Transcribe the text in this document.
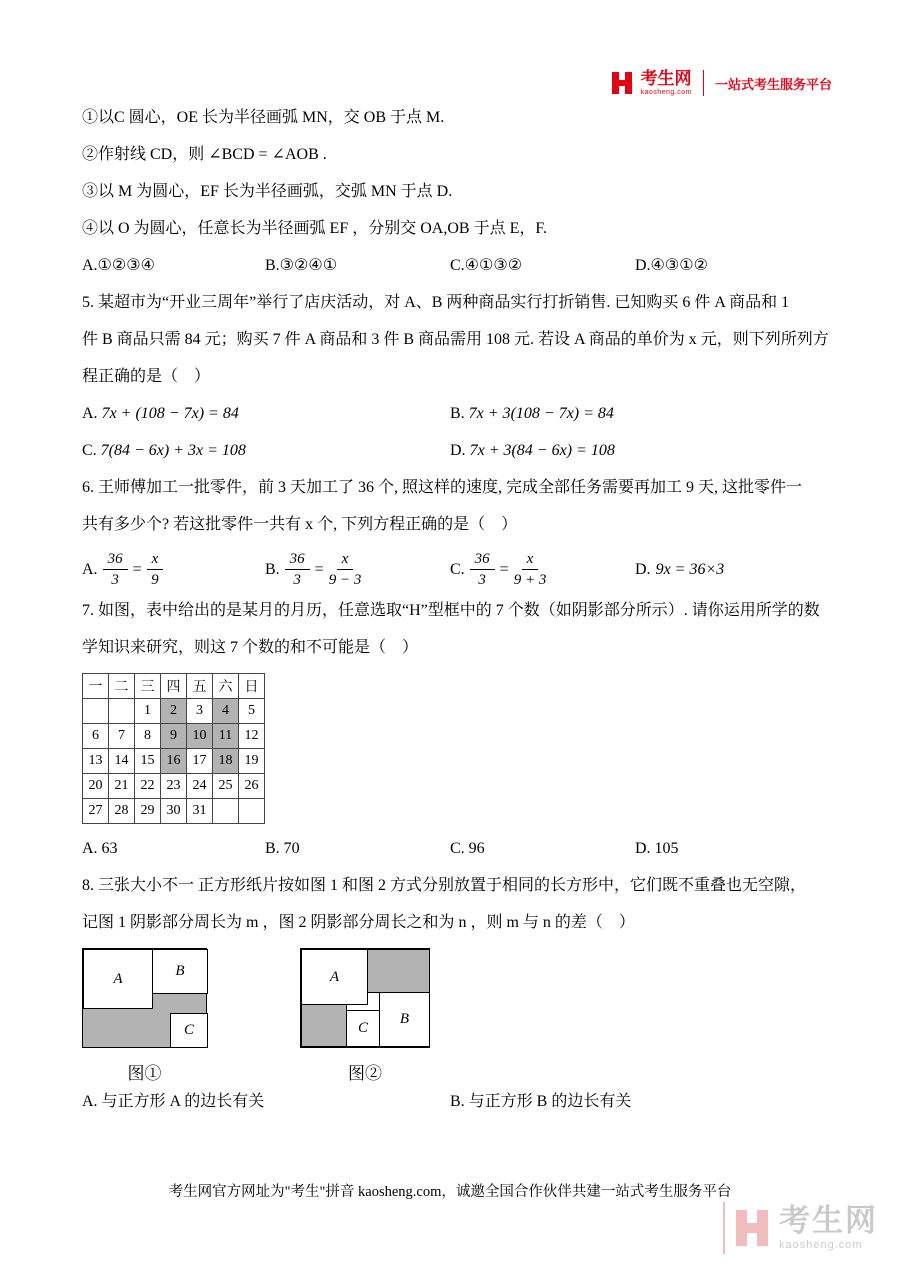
考生网
kaosheng.com
一站式考生服务平台
①以C 圆心，OE 长为半径画弧 MN，交 OB 于点 M.
②作射线 CD，则 ∠BCD = ∠AOB .
③以 M 为圆心，EF 长为半径画弧，交弧 MN 于点 D.
④以 O 为圆心，任意长为半径画弧 EF ，分别交 OA,OB 于点 E，F.
A.①②③④	B.③②④①	C.④①③②	D.④③①②
5. 某超市为“开业三周年”举行了店庆活动，对 A、B 两种商品实行打折销售. 已知购买 6 件 A 商品和 1
件 B 商品只需 84 元；购买 7 件 A 商品和 3 件 B 商品需用 108 元. 若设 A 商品的单价为 x 元，则下列所列方
程正确的是（　）
A. 7x + (108 − 7x) = 84	B. 7x + 3(108 − 7x) = 84
C. 7(84 − 6x) + 3x = 108	D. 7x + 3(84 − 6x) = 108
6. 王师傅加工一批零件，前 3 天加工了 36 个, 照这样的速度, 完成全部任务需要再加工 9 天, 这批零件一
共有多少个? 若这批零件一共有 x 个, 下列方程正确的是（　）
A. $\frac{36}{3} = \frac{x}{9}$	B. $\frac{36}{3} = \frac{x}{9 - 3}$	C. $\frac{36}{3} = \frac{x}{9 + 3}$	D. 9x = 36×3
7. 如图，表中给出的是某月的月历，任意选取“H”型框中的 7 个数（如阴影部分所示）. 请你运用所学的数
学知识来研究，则这 7 个数的和不可能是（　）
一	二	三	四	五	六	日
		1	2	3	4	5
6	7	8	9	10	11	12
13	14	15	16	17	18	19
20	21	22	23	24	25	26
27	28	29	30	31		
A. 63	B. 70	C. 96	D. 105
8. 三张大小不一 正方形纸片按如图 1 和图 2 方式分别放置于相同的长方形中，它们既不重叠也无空隙，
记图 1 阴影部分周长为 m ，图 2 阴影部分周长之和为 n ，则 m 与 n 的差（　）
A	B
C
图①
A
C
B
图②
A. 与正方形 A 的边长有关	B. 与正方形 B 的边长有关
考生网官方网址为"考生"拼音 kaosheng.com，诚邀全国合作伙伴共建一站式考生服务平台
考生网
kaosheng.com
